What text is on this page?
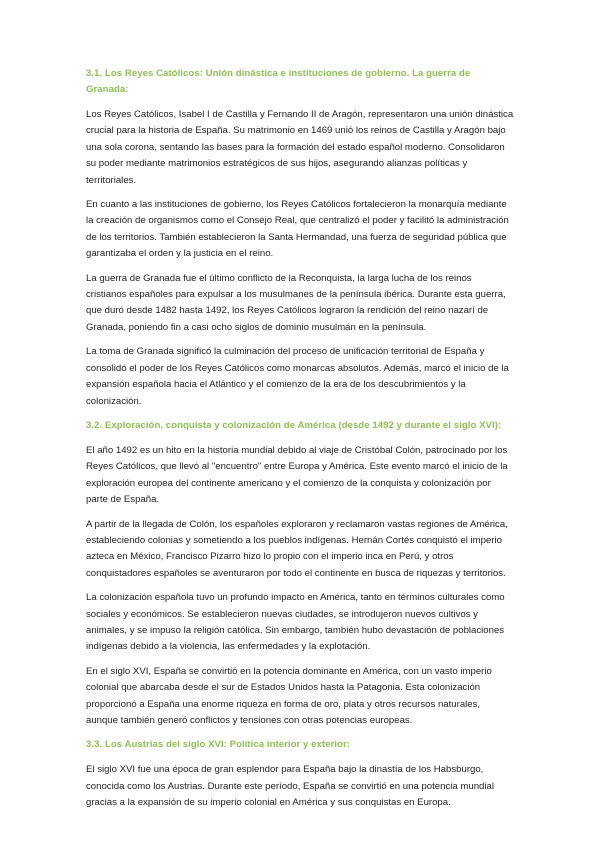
3.1. Los Reyes Católicos: Unión dinástica e instituciones de gobierno. La guerra de Granada:

Los Reyes Católicos, Isabel I de Castilla y Fernando II de Aragón, representaron una unión dinástica crucial para la historia de España. Su matrimonio en 1469 unió los reinos de Castilla y Aragón bajo una sola corona, sentando las bases para la formación del estado español moderno. Consolidaron su poder mediante matrimonios estratégicos de sus hijos, asegurando alianzas políticas y territoriales.

En cuanto a las instituciones de gobierno, los Reyes Católicos fortalecieron la monarquía mediante la creación de organismos como el Consejo Real, que centralizó el poder y facilitó la administración de los territorios. También establecieron la Santa Hermandad, una fuerza de seguridad pública que garantizaba el orden y la justicia en el reino.

La guerra de Granada fue el último conflicto de la Reconquista, la larga lucha de los reinos cristianos españoles para expulsar a los musulmanes de la península ibérica. Durante esta guerra, que duró desde 1482 hasta 1492, los Reyes Católicos lograron la rendición del reino nazarí de Granada, poniendo fin a casi ocho siglos de dominio musulmán en la península.

La toma de Granada significó la culminación del proceso de unificación territorial de España y consolidó el poder de los Reyes Católicos como monarcas absolutos. Además, marcó el inicio de la expansión española hacia el Atlántico y el comienzo de la era de los descubrimientos y la colonización.

3.2. Exploración, conquista y colonización de América (desde 1492 y durante el siglo XVI):

El año 1492 es un hito en la historia mundial debido al viaje de Cristóbal Colón, patrocinado por los Reyes Católicos, que llevó al "encuentro" entre Europa y América. Este evento marcó el inicio de la exploración europea del continente americano y el comienzo de la conquista y colonización por parte de España.

A partir de la llegada de Colón, los españoles exploraron y reclamaron vastas regiones de América, estableciendo colonias y sometiendo a los pueblos indígenas. Hernán Cortés conquistó el imperio azteca en México, Francisco Pizarro hizo lo propio con el imperio inca en Perú, y otros conquistadores españoles se aventuraron por todo el continente en busca de riquezas y territorios.

La colonización española tuvo un profundo impacto en América, tanto en términos culturales como sociales y económicos. Se establecieron nuevas ciudades, se introdujeron nuevos cultivos y animales, y se impuso la religión católica. Sin embargo, también hubo devastación de poblaciones indígenas debido a la violencia, las enfermedades y la explotación.

En el siglo XVI, España se convirtió en la potencia dominante en América, con un vasto imperio colonial que abarcaba desde el sur de Estados Unidos hasta la Patagonia. Esta colonización proporcionó a España una enorme riqueza en forma de oro, plata y otros recursos naturales, aunque también generó conflictos y tensiones con otras potencias europeas.

3.3. Los Austrias del siglo XVI: Política interior y exterior:

El siglo XVI fue una época de gran esplendor para España bajo la dinastía de los Habsburgo, conocida como los Austrias. Durante este período, España se convirtió en una potencia mundial gracias a la expansión de su imperio colonial en América y sus conquistas en Europa.
